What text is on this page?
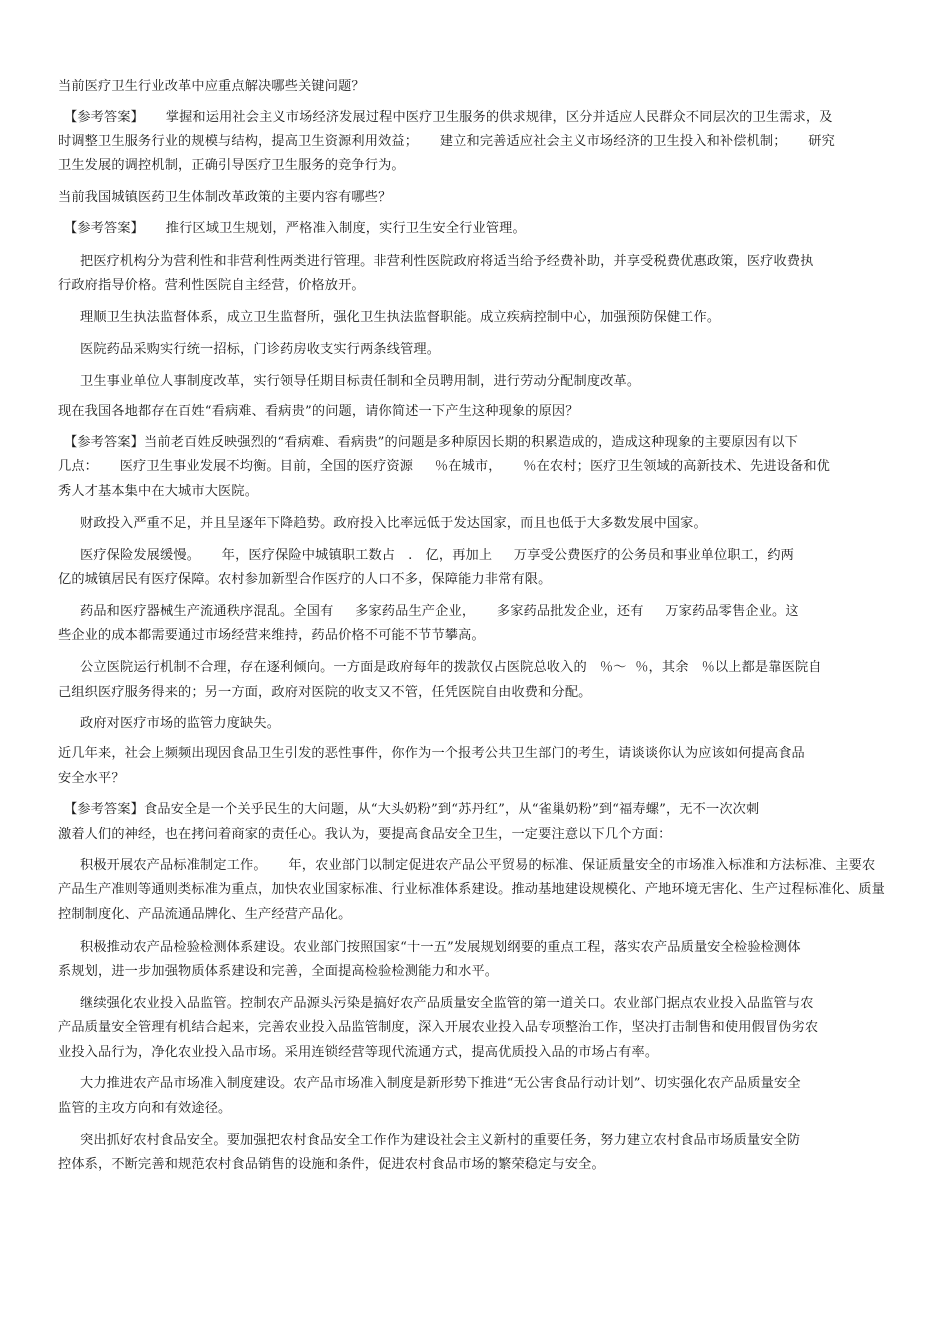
当前医疗卫生行业改革中应重点解决哪些关键问题？
【参考答案】     掌握和运用社会主义市场经济发展过程中医疗卫生服务的供求规律，区分并适应人民群众不同层次的卫生需求，及
时调整卫生服务行业的规模与结构，提高卫生资源利用效益；     建立和完善适应社会主义市场经济的卫生投入和补偿机制；     研究
卫生发展的调控机制，正确引导医疗卫生服务的竞争行为。
当前我国城镇医药卫生体制改革政策的主要内容有哪些？
【参考答案】     推行区域卫生规划，严格准入制度，实行卫生安全行业管理。
把医疗机构分为营利性和非营利性两类进行管理。非营利性医院政府将适当给予经费补助，并享受税费优惠政策，医疗收费执
行政府指导价格。营利性医院自主经营，价格放开。
理顺卫生执法监督体系，成立卫生监督所，强化卫生执法监督职能。成立疾病控制中心，加强预防保健工作。
医院药品采购实行统一招标，门诊药房收支实行两条线管理。
卫生事业单位人事制度改革，实行领导任期目标责任制和全员聘用制，进行劳动分配制度改革。
现在我国各地都存在百姓“看病难、看病贵”的问题，请你简述一下产生这种现象的原因？
【参考答案】当前老百姓反映强烈的“看病难、看病贵”的问题是多种原因长期的积累造成的，造成这种现象的主要原因有以下
几点：     医疗卫生事业发展不均衡。目前，全国的医疗资源     ％在城市，     ％在农村；医疗卫生领域的高新技术、先进设备和优
秀人才基本集中在大城市大医院。
财政投入严重不足，并且呈逐年下降趋势。政府投入比率远低于发达国家，而且也低于大多数发展中国家。
医疗保险发展缓慢。     年，医疗保险中城镇职工数占   .   亿，再加上     万享受公费医疗的公务员和事业单位职工，约两
亿的城镇居民有医疗保障。农村参加新型合作医疗的人口不多，保障能力非常有限。
药品和医疗器械生产流通秩序混乱。全国有     多家药品生产企业，     多家药品批发企业，还有     万家药品零售企业。这
些企业的成本都需要通过市场经营来维持，药品价格不可能不节节攀高。
公立医院运行机制不合理，存在逐利倾向。一方面是政府每年的拨款仅占医院总收入的   ％～  ％，其余   ％以上都是靠医院自
己组织医疗服务得来的；另一方面，政府对医院的收支又不管，任凭医院自由收费和分配。
政府对医疗市场的监管力度缺失。
近几年来，社会上频频出现因食品卫生引发的恶性事件，你作为一个报考公共卫生部门的考生，请谈谈你认为应该如何提高食品
安全水平？
【参考答案】食品安全是一个关乎民生的大问题，从“大头奶粉”到“苏丹红”，从“雀巢奶粉”到“福寿螺”，无不一次次刺
激着人们的神经，也在拷问着商家的责任心。我认为，要提高食品安全卫生，一定要注意以下几个方面：
积极开展农产品标准制定工作。     年，农业部门以制定促进农产品公平贸易的标准、保证质量安全的市场准入标准和方法标准、主要农
产品生产准则等通则类标准为重点，加快农业国家标准、行业标准体系建设。推动基地建设规模化、产地环境无害化、生产过程标准化、质量
控制制度化、产品流通品牌化、生产经营产品化。
积极推动农产品检验检测体系建设。农业部门按照国家“十一五”发展规划纲要的重点工程，落实农产品质量安全检验检测体
系规划，进一步加强物质体系建设和完善，全面提高检验检测能力和水平。
继续强化农业投入品监管。控制农产品源头污染是搞好农产品质量安全监管的第一道关口。农业部门据点农业投入品监管与农
产品质量安全管理有机结合起来，完善农业投入品监管制度，深入开展农业投入品专项整治工作，坚决打击制售和使用假冒伪劣农
业投入品行为，净化农业投入品市场。采用连锁经营等现代流通方式，提高优质投入品的市场占有率。
大力推进农产品市场准入制度建设。农产品市场准入制度是新形势下推进“无公害食品行动计划”、切实强化农产品质量安全
监管的主攻方向和有效途径。
突出抓好农村食品安全。要加强把农村食品安全工作作为建设社会主义新村的重要任务，努力建立农村食品市场质量安全防
控体系，不断完善和规范农村食品销售的设施和条件，促进农村食品市场的繁荣稳定与安全。
